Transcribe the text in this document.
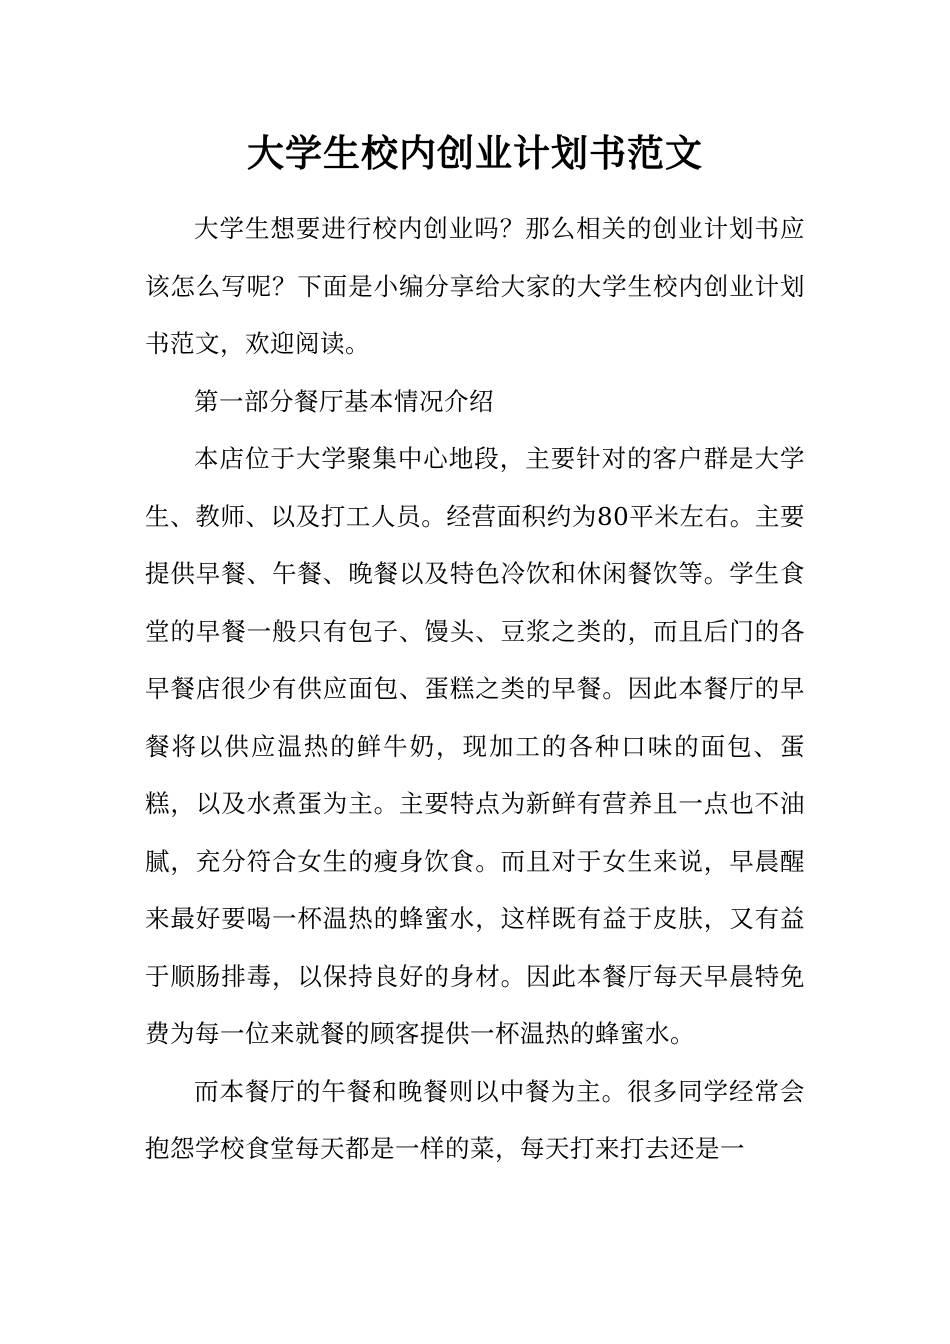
大学生校内创业计划书范文

大学生想要进行校内创业吗？那么相关的创业计划书应该怎么写呢？下面是小编分享给大家的大学生校内创业计划书范文，欢迎阅读。

第一部分餐厅基本情况介绍

本店位于大学聚集中心地段，主要针对的客户群是大学生、教师、以及打工人员。经营面积约为80平米左右。主要提供早餐、午餐、晚餐以及特色冷饮和休闲餐饮等。学生食堂的早餐一般只有包子、馒头、豆浆之类的，而且后门的各早餐店很少有供应面包、蛋糕之类的早餐。因此本餐厅的早餐将以供应温热的鲜牛奶，现加工的各种口味的面包、蛋糕，以及水煮蛋为主。主要特点为新鲜有营养且一点也不油腻，充分符合女生的瘦身饮食。而且对于女生来说，早晨醒来最好要喝一杯温热的蜂蜜水，这样既有益于皮肤，又有益于顺肠排毒，以保持良好的身材。因此本餐厅每天早晨特免费为每一位来就餐的顾客提供一杯温热的蜂蜜水。

而本餐厅的午餐和晚餐则以中餐为主。很多同学经常会抱怨学校食堂每天都是一样的菜，每天打来打去还是一
